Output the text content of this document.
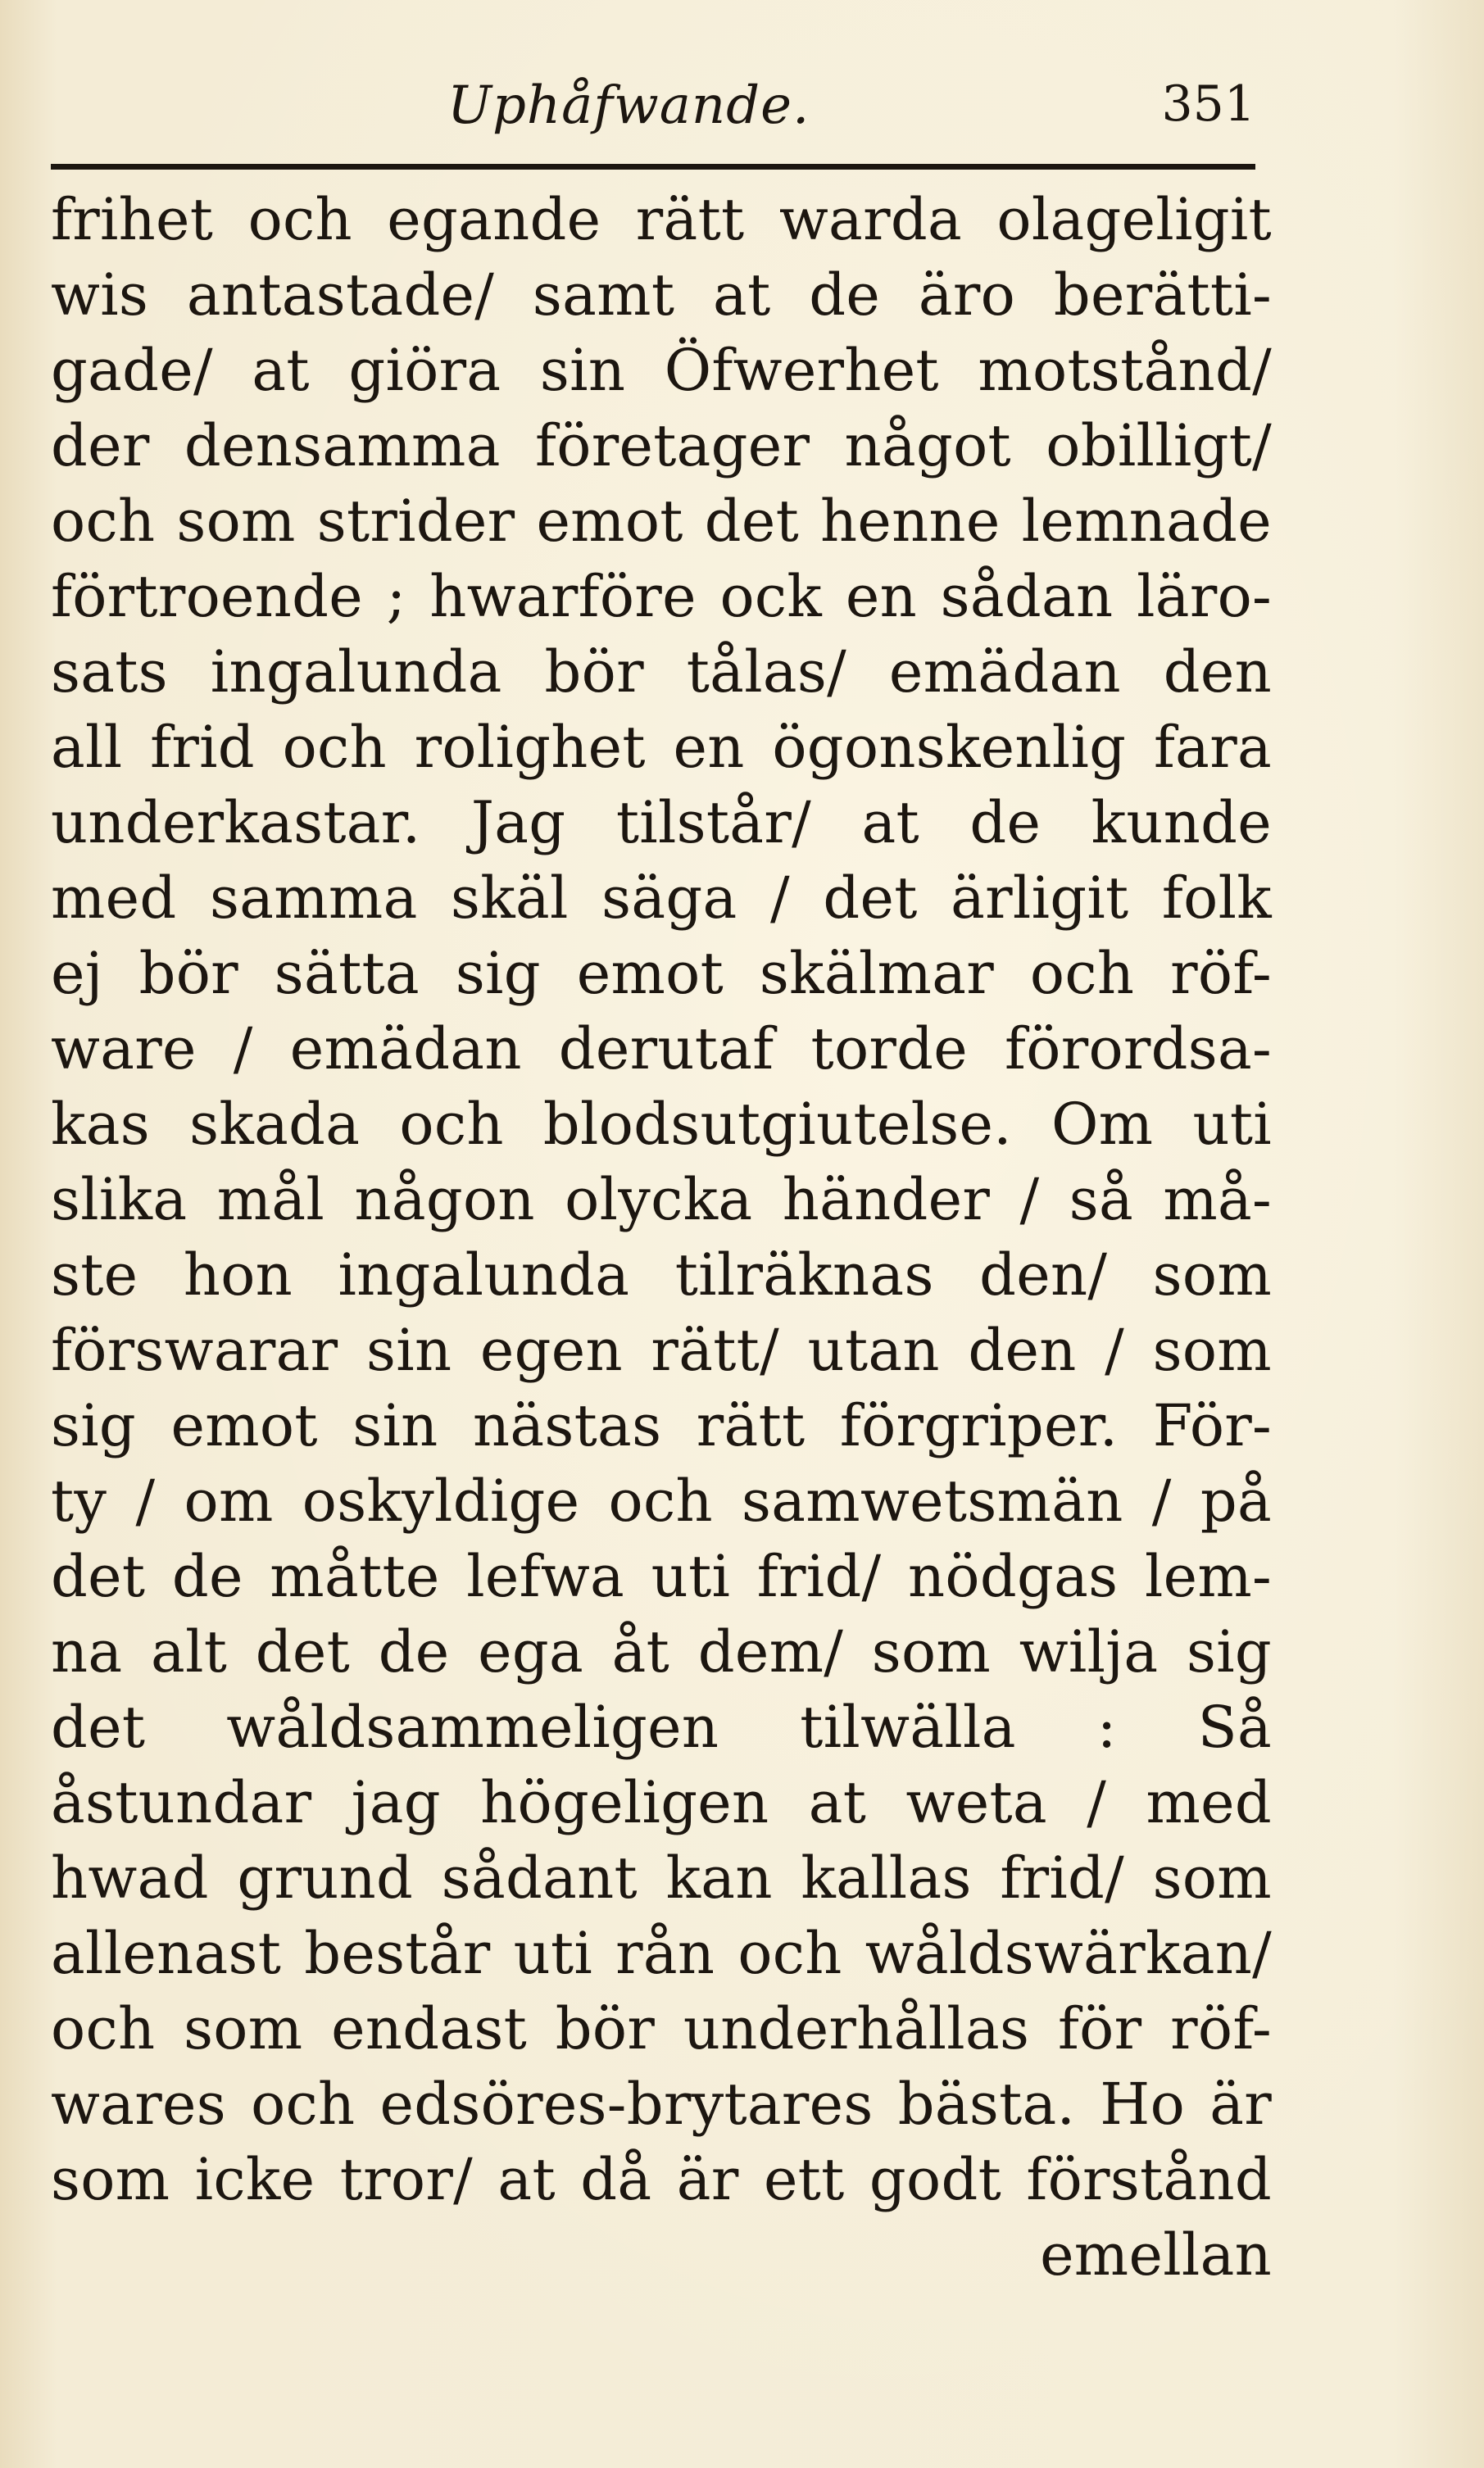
Uphåfwande.	351
frihet och egande rätt warda olageligit
wis antastade/ samt at de äro berätti-
gade/ at giöra sin Öfwerhet motstånd/
der densamma företager något obilligt/
och som strider emot det henne lemnade
förtroende ; hwarföre ock en sådan läro-
sats ingalunda bör tålas/ emädan den
all frid och rolighet en ögonskenlig fara
underkastar. Jag tilstår/ at de kunde
med samma skäl säga / det ärligit folk
ej bör sätta sig emot skälmar och röf-
ware / emädan derutaf torde förordsa-
kas skada och blodsutgiutelse. Om uti
slika mål någon olycka händer / så må-
ste hon ingalunda tilräknas den/ som
förswarar sin egen rätt/ utan den / som
sig emot sin nästas rätt förgriper. För-
ty / om oskyldige och samwetsmän / på
det de måtte lefwa uti frid/ nödgas lem-
na alt det de ega åt dem/ som wilja sig
det wåldsammeligen tilwälla : Så
åstundar jag högeligen at weta / med
hwad grund sådant kan kallas frid/ som
allenast består uti rån och wåldswärkan/
och som endast bör underhållas för röf-
wares och edsöres-brytares bästa. Ho är
som icke tror/ at då är ett godt förstånd
emellan
